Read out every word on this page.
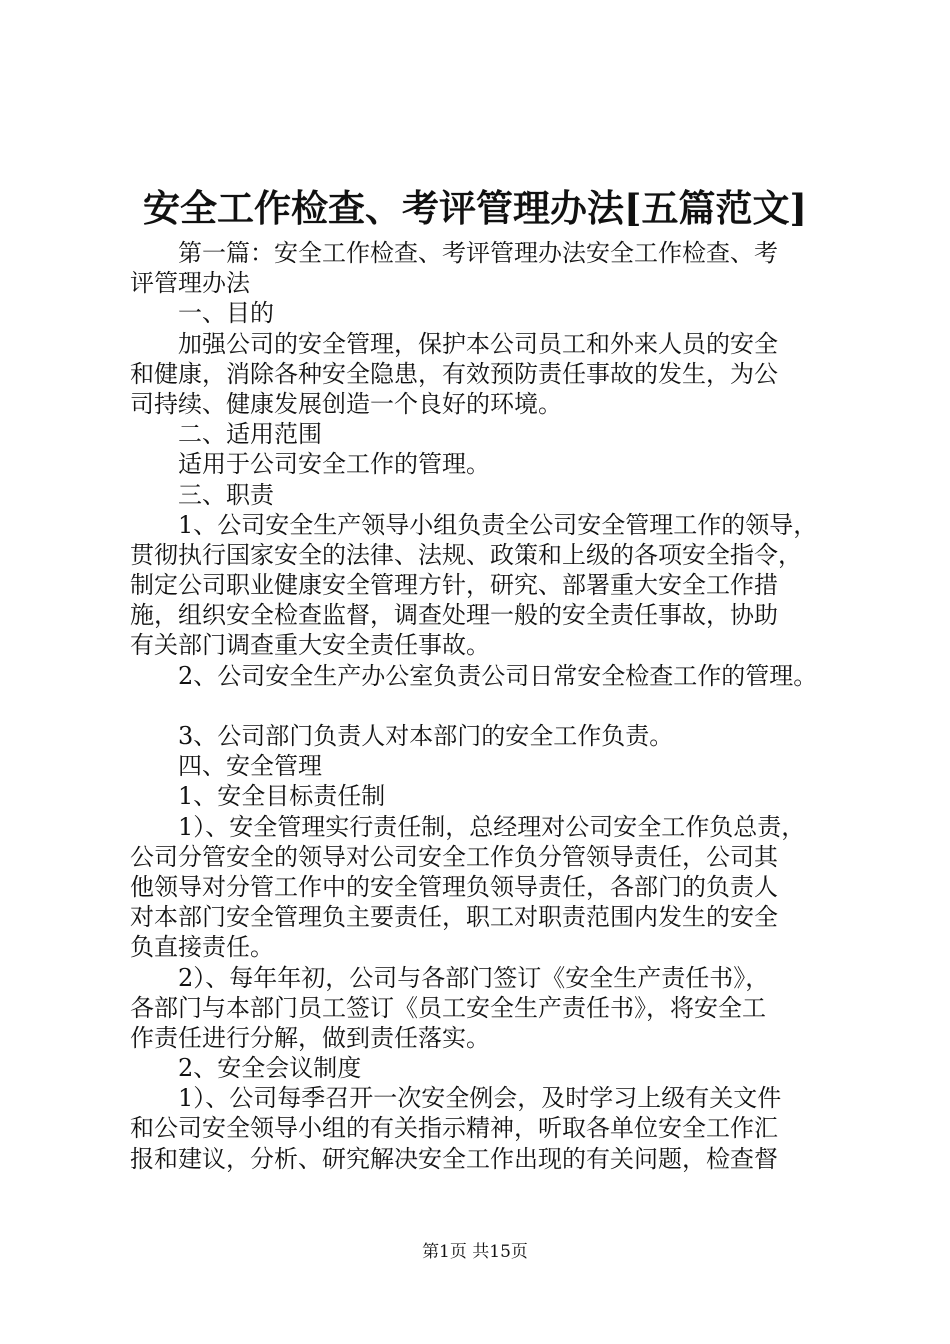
安全工作检查、考评管理办法[五篇范文]
第一篇：安全工作检查、考评管理办法安全工作检查、考
评管理办法
一、目的
加强公司的安全管理，保护本公司员工和外来人员的安全
和健康，消除各种安全隐患，有效预防责任事故的发生，为公
司持续、健康发展创造一个良好的环境。
二、适用范围
适用于公司安全工作的管理。
三、职责
1、公司安全生产领导小组负责全公司安全管理工作的领导，
贯彻执行国家安全的法律、法规、政策和上级的各项安全指令，
制定公司职业健康安全管理方针，研究、部署重大安全工作措
施，组织安全检查监督，调查处理一般的安全责任事故，协助
有关部门调查重大安全责任事故。
2、公司安全生产办公室负责公司日常安全检查工作的管理。
3、公司部门负责人对本部门的安全工作负责。
四、安全管理
1、安全目标责任制
1）、安全管理实行责任制，总经理对公司安全工作负总责，
公司分管安全的领导对公司安全工作负分管领导责任，公司其
他领导对分管工作中的安全管理负领导责任，各部门的负责人
对本部门安全管理负主要责任，职工对职责范围内发生的安全
负直接责任。
2）、每年年初，公司与各部门签订《安全生产责任书》，
各部门与本部门员工签订《员工安全生产责任书》，将安全工
作责任进行分解，做到责任落实。
2、安全会议制度
1）、公司每季召开一次安全例会，及时学习上级有关文件
和公司安全领导小组的有关指示精神，听取各单位安全工作汇
报和建议，分析、研究解决安全工作出现的有关问题，检查督
第1页 共15页
